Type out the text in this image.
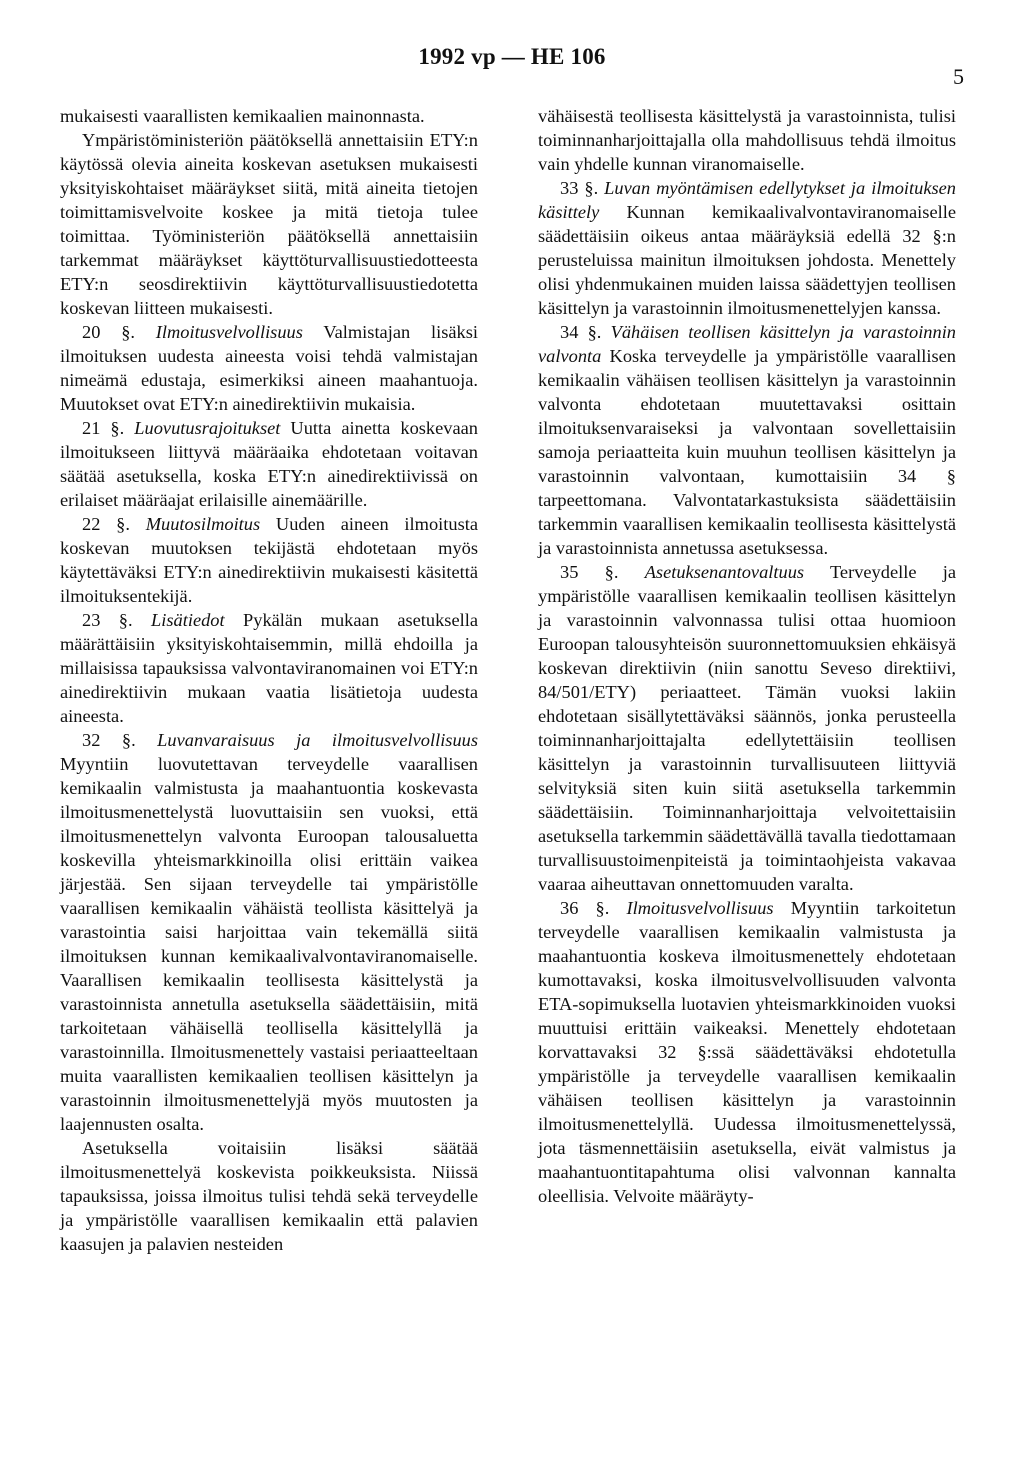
1992 vp — HE 106
5

mukaisesti vaarallisten kemikaalien mainonnasta.

Ympäristöministeriön päätöksellä annettaisiin ETY:n käytössä olevia aineita koskevan asetuksen mukaisesti yksityiskohtaiset määräykset siitä, mitä aineita tietojen toimittamisvelvoite koskee ja mitä tietoja tulee toimittaa. Työministeriön päätöksellä annettaisiin tarkemmat määräykset käyttöturvallisuustiedotteesta ETY:n seosdirektiivin käyttöturvallisuustiedotetta koskevan liitteen mukaisesti.

20 §. Ilmoitusvelvollisuus Valmistajan lisäksi ilmoituksen uudesta aineesta voisi tehdä valmistajan nimeämä edustaja, esimerkiksi aineen maahantuoja. Muutokset ovat ETY:n ainedirektiivin mukaisia.

21 §. Luovutusrajoitukset Uutta ainetta koskevaan ilmoitukseen liittyvä määräaika ehdotetaan voitavan säätää asetuksella, koska ETY:n ainedirektiivissä on erilaiset määräajat erilaisille ainemäärille.

22 §. Muutosilmoitus Uuden aineen ilmoitusta koskevan muutoksen tekijästä ehdotetaan myös käytettäväksi ETY:n ainedirektiivin mukaisesti käsitettä ilmoituksentekijä.

23 §. Lisätiedot Pykälän mukaan asetuksella määrättäisiin yksityiskohtaisemmin, millä ehdoilla ja millaisissa tapauksissa valvontaviranomainen voi ETY:n ainedirektiivin mukaan vaatia lisätietoja uudesta aineesta.

32 §. Luvanvaraisuus ja ilmoitusvelvollisuus Myyntiin luovutettavan terveydelle vaarallisen kemikaalin valmistusta ja maahantuontia koskevasta ilmoitusmenettelystä luovuttaisiin sen vuoksi, että ilmoitusmenettelyn valvonta Euroopan talousaluetta koskevilla yhteismarkkinoilla olisi erittäin vaikea järjestää. Sen sijaan terveydelle tai ympäristölle vaarallisen kemikaalin vähäistä teollista käsittelyä ja varastointia saisi harjoittaa vain tekemällä siitä ilmoituksen kunnan kemikaalivalvontaviranomaiselle. Vaarallisen kemikaalin teollisesta käsittelystä ja varastoinnista annetulla asetuksella säädettäisiin, mitä tarkoitetaan vähäisellä teollisella käsittelyllä ja varastoinnilla. Ilmoitusmenettely vastaisi periaatteeltaan muita vaarallisten kemikaalien teollisen käsittelyn ja varastoinnin ilmoitusmenettelyjä myös muutosten ja laajennusten osalta.

Asetuksella voitaisiin lisäksi säätää ilmoitusmenettelyä koskevista poikkeuksista. Niissä tapauksissa, joissa ilmoitus tulisi tehdä sekä terveydelle ja ympäristölle vaarallisen kemikaalin että palavien kaasujen ja palavien nesteiden

vähäisestä teollisesta käsittelystä ja varastoinnista, tulisi toiminnanharjoittajalla olla mahdollisuus tehdä ilmoitus vain yhdelle kunnan viranomaiselle.

33 §. Luvan myöntämisen edellytykset ja ilmoituksen käsittely Kunnan kemikaalivalvontaviranomaiselle säädettäisiin oikeus antaa määräyksiä edellä 32 §:n perusteluissa mainitun ilmoituksen johdosta. Menettely olisi yhdenmukainen muiden laissa säädettyjen teollisen käsittelyn ja varastoinnin ilmoitusmenettelyjen kanssa.

34 §. Vähäisen teollisen käsittelyn ja varastoinnin valvonta Koska terveydelle ja ympäristölle vaarallisen kemikaalin vähäisen teollisen käsittelyn ja varastoinnin valvonta ehdotetaan muutettavaksi osittain ilmoituksenvaraiseksi ja valvontaan sovellettaisiin samoja periaatteita kuin muuhun teollisen käsittelyn ja varastoinnin valvontaan, kumottaisiin 34 § tarpeettomana. Valvontatarkastuksista säädettäisiin tarkemmin vaarallisen kemikaalin teollisesta käsittelystä ja varastoinnista annetussa asetuksessa.

35 §. Asetuksenantovaltuus Terveydelle ja ympäristölle vaarallisen kemikaalin teollisen käsittelyn ja varastoinnin valvonnassa tulisi ottaa huomioon Euroopan talousyhteisön suuronnettomuuksien ehkäisyä koskevan direktiivin (niin sanottu Seveso direktiivi, 84/501/ETY) periaatteet. Tämän vuoksi lakiin ehdotetaan sisällytettäväksi säännös, jonka perusteella toiminnanharjoittajalta edellytettäisiin teollisen käsittelyn ja varastoinnin turvallisuuteen liittyviä selvityksiä siten kuin siitä asetuksella tarkemmin säädettäisiin. Toiminnanharjoittaja velvoitettaisiin asetuksella tarkemmin säädettävällä tavalla tiedottamaan turvallisuustoimenpiteistä ja toimintaohjeista vakavaa vaaraa aiheuttavan onnettomuuden varalta.

36 §. Ilmoitusvelvollisuus Myyntiin tarkoitetun terveydelle vaarallisen kemikaalin valmistusta ja maahantuontia koskeva ilmoitusmenettely ehdotetaan kumottavaksi, koska ilmoitusvelvollisuuden valvonta ETA-sopimuksella luotavien yhteismarkkinoiden vuoksi muuttuisi erittäin vaikeaksi. Menettely ehdotetaan korvattavaksi 32 §:ssä säädettäväksi ehdotetulla ympäristölle ja terveydelle vaarallisen kemikaalin vähäisen teollisen käsittelyn ja varastoinnin ilmoitusmenettelyllä. Uudessa ilmoitusmenettelyssä, jota täsmennettäisiin asetuksella, eivät valmistus ja maahantuontitapahtuma olisi valvonnan kannalta oleellisia. Velvoite määräyty-
